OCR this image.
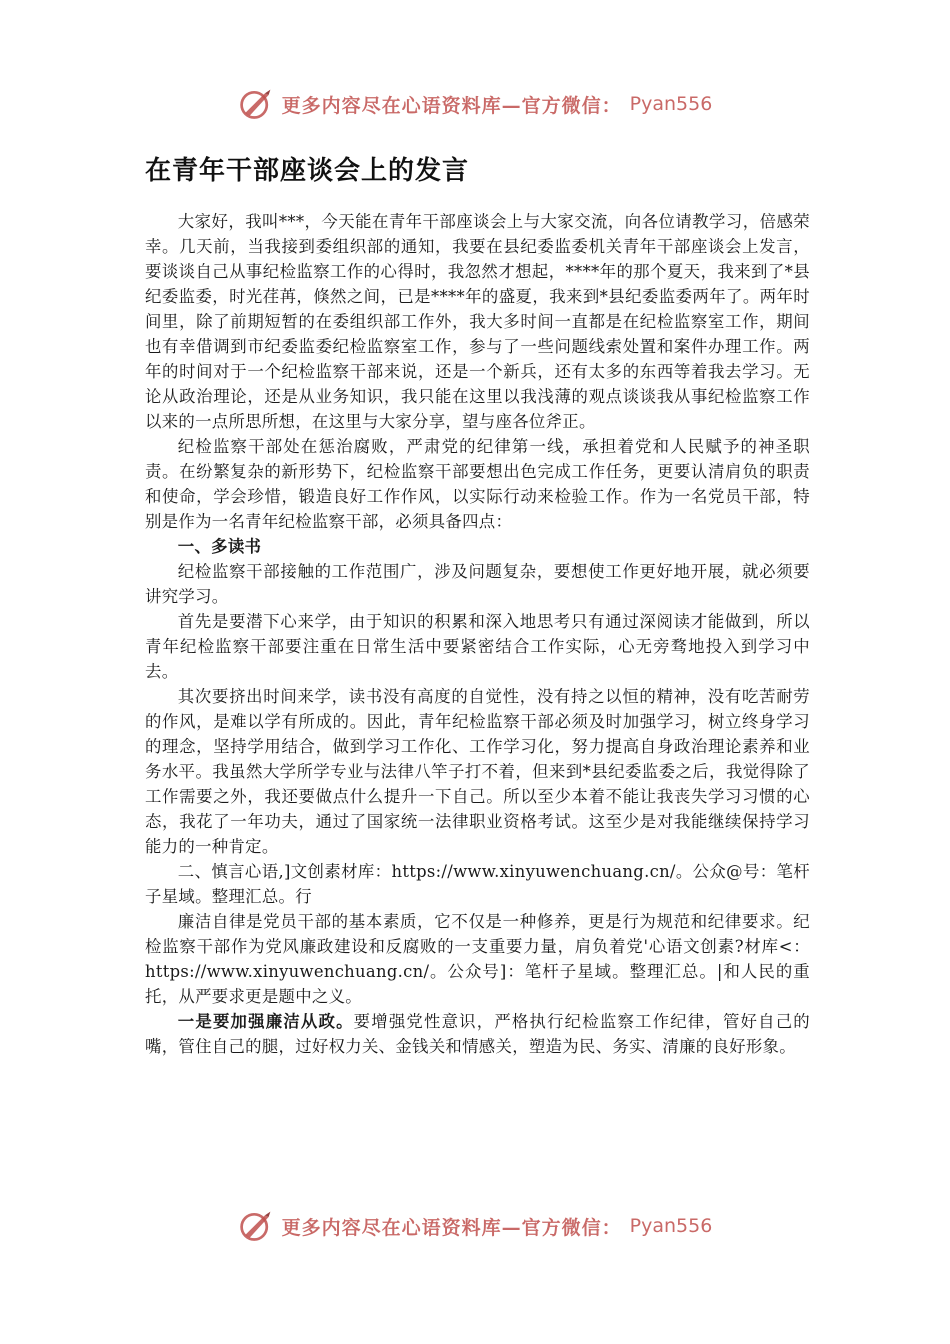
更多内容尽在心语资料库—官方微信： Pyan556
在青年干部座谈会上的发言

大家好，我叫***，今天能在青年干部座谈会上与大家交流，向各位请教学习，倍感荣幸。几天前，当我接到委组织部的通知，我要在县纪委监委机关青年干部座谈会上发言，要谈谈自己从事纪检监察工作的心得时，我忽然才想起，****年的那个夏天，我来到了*县纪委监委，时光荏苒，倏然之间，已是****年的盛夏，我来到*县纪委监委两年了。两年时间里，除了前期短暂的在委组织部工作外，我大多时间一直都是在纪检监察室工作，期间也有幸借调到市纪委监委纪检监察室工作，参与了一些问题线索处置和案件办理工作。两年的时间对于一个纪检监察干部来说，还是一个新兵，还有太多的东西等着我去学习。无论从政治理论，还是从业务知识，我只能在这里以我浅薄的观点谈谈我从事纪检监察工作以来的一点所思所想，在这里与大家分享，望与座各位斧正。

纪检监察干部处在惩治腐败，严肃党的纪律第一线，承担着党和人民赋予的神圣职责。在纷繁复杂的新形势下，纪检监察干部要想出色完成工作任务，更要认清肩负的职责和使命，学会珍惜，锻造良好工作作风，以实际行动来检验工作。作为一名党员干部，特别是作为一名青年纪检监察干部，必须具备四点：

一、多读书

纪检监察干部接触的工作范围广，涉及问题复杂，要想使工作更好地开展，就必须要讲究学习。

首先是要潜下心来学，由于知识的积累和深入地思考只有通过深阅读才能做到，所以青年纪检监察干部要注重在日常生活中要紧密结合工作实际，心无旁骛地投入到学习中去。

其次要挤出时间来学，读书没有高度的自觉性，没有持之以恒的精神，没有吃苦耐劳的作风，是难以学有所成的。因此，青年纪检监察干部必须及时加强学习，树立终身学习的理念，坚持学用结合，做到学习工作化、工作学习化，努力提高自身政治理论素养和业务水平。我虽然大学所学专业与法律八竿子打不着，但来到*县纪委监委之后，我觉得除了工作需要之外，我还要做点什么提升一下自己。所以至少本着不能让我丧失学习习惯的心态，我花了一年功夫，通过了国家统一法律职业资格考试。这至少是对我能继续保持学习能力的一种肯定。

二、慎言心语,]文创素材库：https://www.xinyuwenchuang.cn/。公众@号：笔杆子星域。整理汇总。行

廉洁自律是党员干部的基本素质，它不仅是一种修养，更是行为规范和纪律要求。纪检监察干部作为党风廉政建设和反腐败的一支重要力量，肩负着党'心语文创素?材库<：https://www.xinyuwenchuang.cn/。公众号]：笔杆子星域。整理汇总。|和人民的重托，从严要求更是题中之义。

一是要加强廉洁从政。要增强党性意识，严格执行纪检监察工作纪律，管好自己的嘴，管住自己的腿，过好权力关、金钱关和情感关，塑造为民、务实、清廉的良好形象。

更多内容尽在心语资料库—官方微信： Pyan556
